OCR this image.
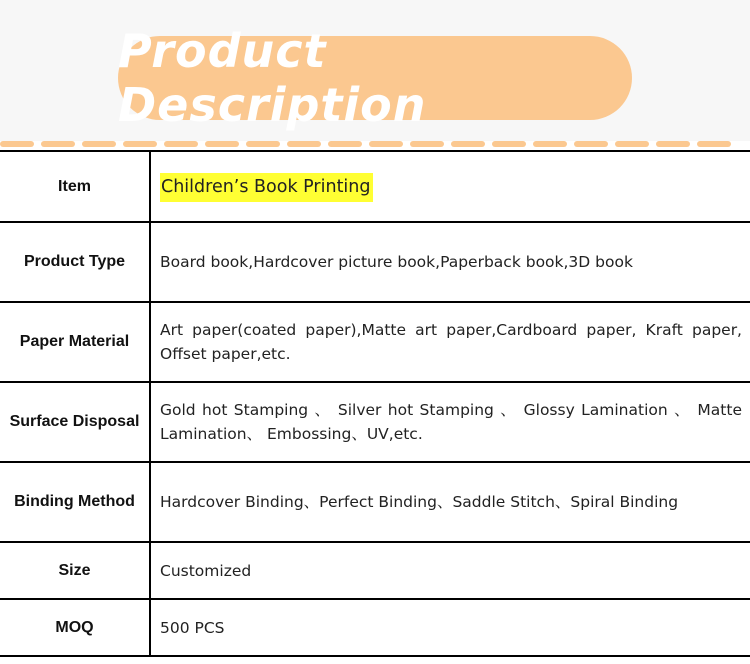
Product Description
Item	Children’s Book Printing
Product Type	Board book,Hardcover picture book,Paperback book,3D book
Paper Material	Art paper(coated paper),Matte art paper,Cardboard paper, Kraft paper, Offset paper,etc.
Surface Disposal	Gold hot Stamping 、 Silver hot Stamping 、 Glossy Lamination 、 Matte Lamination、 Embossing、UV,etc.
Binding Method	Hardcover Binding、Perfect Binding、Saddle Stitch、Spiral Binding
Size	Customized
MOQ	500 PCS
